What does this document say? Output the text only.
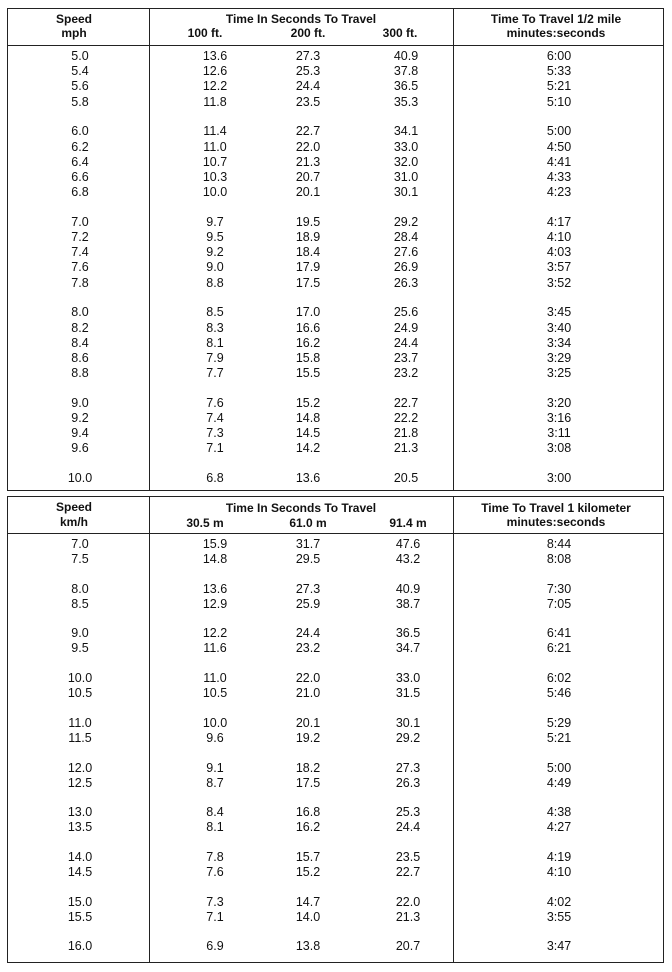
Speed
mph
Time In Seconds To Travel
100 ft.	200 ft.	300 ft.
Time To Travel 1/2 mile
minutes:seconds
5.0	13.6	27.3	40.9	6:00
5.4	12.6	25.3	37.8	5:33
5.6	12.2	24.4	36.5	5:21
5.8	11.8	23.5	35.3	5:10
6.0	11.4	22.7	34.1	5:00
6.2	11.0	22.0	33.0	4:50
6.4	10.7	21.3	32.0	4:41
6.6	10.3	20.7	31.0	4:33
6.8	10.0	20.1	30.1	4:23
7.0	9.7	19.5	29.2	4:17
7.2	9.5	18.9	28.4	4:10
7.4	9.2	18.4	27.6	4:03
7.6	9.0	17.9	26.9	3:57
7.8	8.8	17.5	26.3	3:52
8.0	8.5	17.0	25.6	3:45
8.2	8.3	16.6	24.9	3:40
8.4	8.1	16.2	24.4	3:34
8.6	7.9	15.8	23.7	3:29
8.8	7.7	15.5	23.2	3:25
9.0	7.6	15.2	22.7	3:20
9.2	7.4	14.8	22.2	3:16
9.4	7.3	14.5	21.8	3:11
9.6	7.1	14.2	21.3	3:08
10.0	6.8	13.6	20.5	3:00
Speed
km/h
Time In Seconds To Travel
30.5 m	61.0 m	91.4 m
Time To Travel 1 kilometer
minutes:seconds
7.0	15.9	31.7	47.6	8:44
7.5	14.8	29.5	43.2	8:08
8.0	13.6	27.3	40.9	7:30
8.5	12.9	25.9	38.7	7:05
9.0	12.2	24.4	36.5	6:41
9.5	11.6	23.2	34.7	6:21
10.0	11.0	22.0	33.0	6:02
10.5	10.5	21.0	31.5	5:46
11.0	10.0	20.1	30.1	5:29
11.5	9.6	19.2	29.2	5:21
12.0	9.1	18.2	27.3	5:00
12.5	8.7	17.5	26.3	4:49
13.0	8.4	16.8	25.3	4:38
13.5	8.1	16.2	24.4	4:27
14.0	7.8	15.7	23.5	4:19
14.5	7.6	15.2	22.7	4:10
15.0	7.3	14.7	22.0	4:02
15.5	7.1	14.0	21.3	3:55
16.0	6.9	13.8	20.7	3:47
